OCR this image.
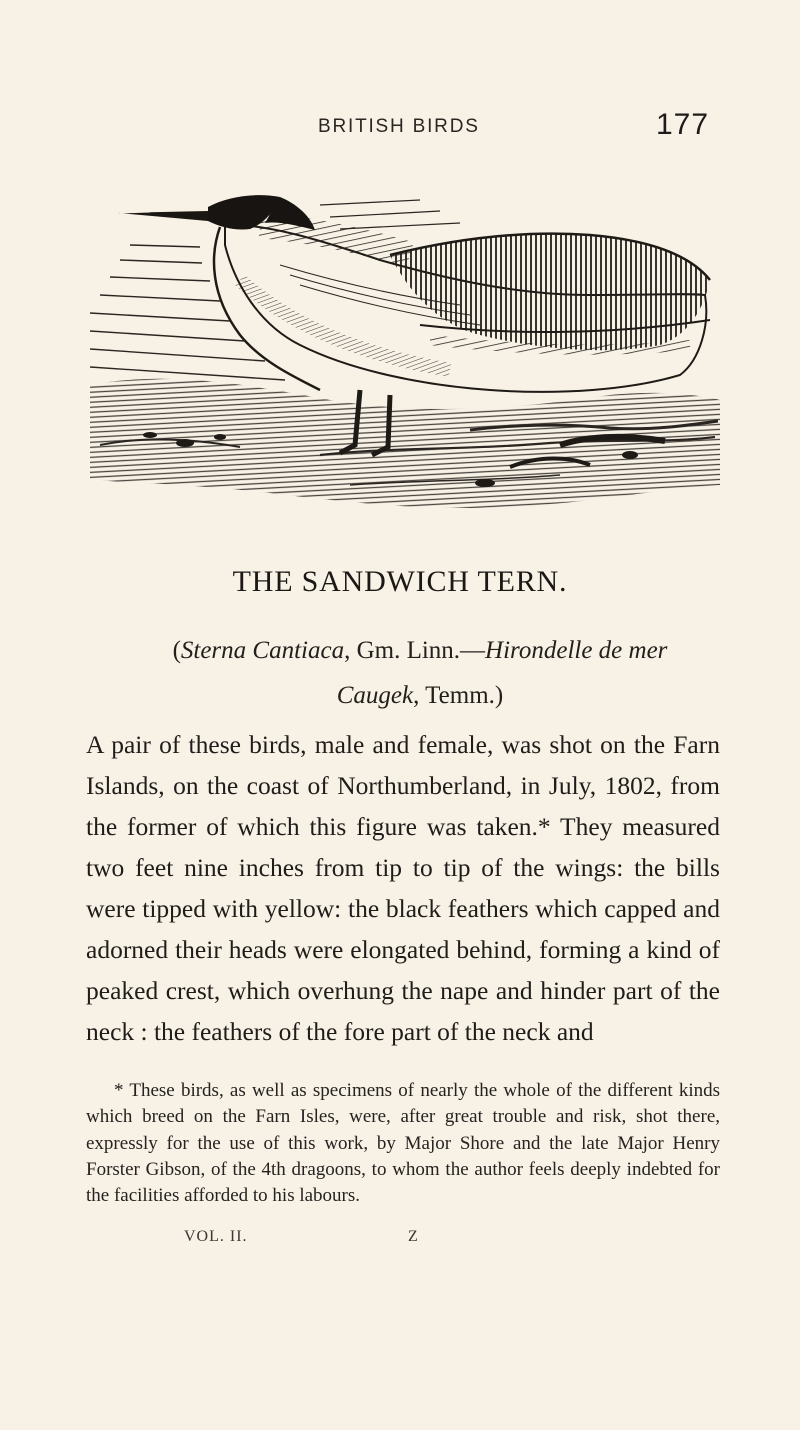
BRITISH BIRDS	177
THE SANDWICH TERN.
(Sterna Cantiaca, Gm. Linn.—Hirondelle de mer
Caugek, Temm.)
A pair of these birds, male and female, was shot on the Farn Islands, on the coast of Northumberland, in July, 1802, from the former of which this figure was taken.* They measured two feet nine inches from tip to tip of the wings: the bills were tipped with yellow: the black feathers which capped and adorned their heads were elongated behind, forming a kind of peaked crest, which overhung the nape and hinder part of the neck : the feathers of the fore part of the neck and
* These birds, as well as specimens of nearly the whole of the different kinds which breed on the Farn Isles, were, after great trouble and risk, shot there, expressly for the use of this work, by Major Shore and the late Major Henry Forster Gibson, of the 4th dragoons, to whom the author feels deeply indebted for the facilities afforded to his labours.
VOL. II.	Z
